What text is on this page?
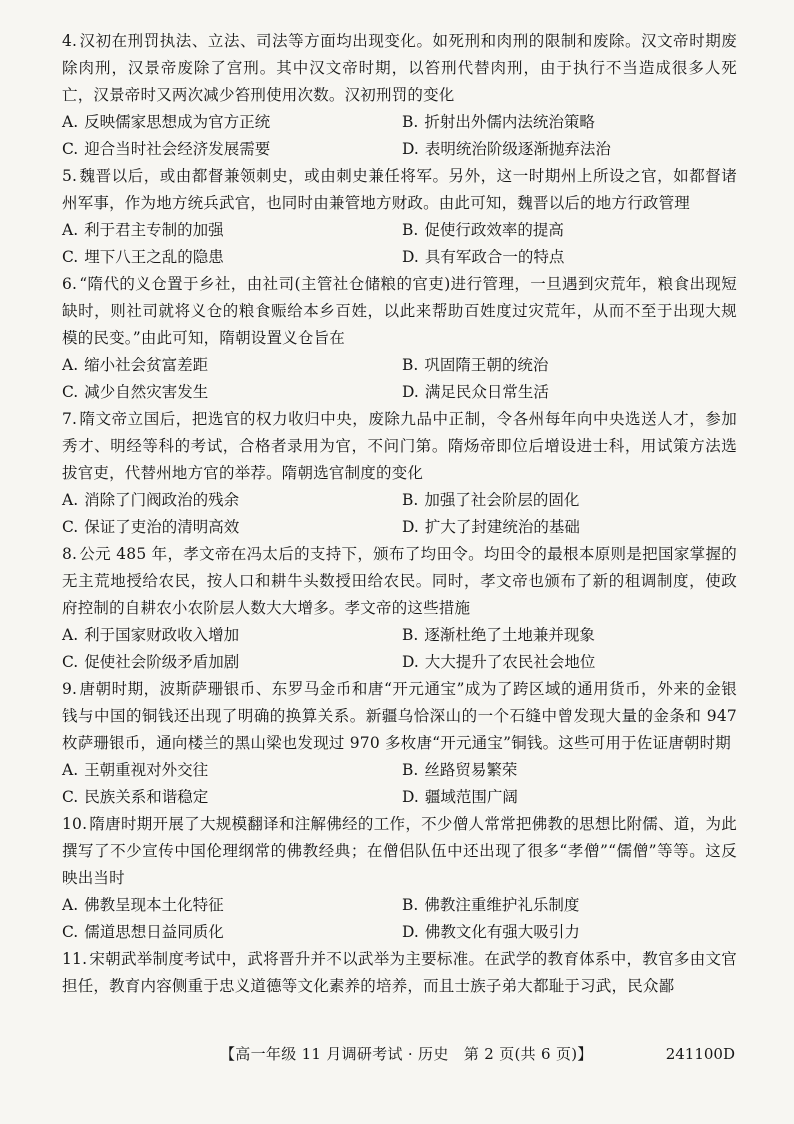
4. 汉初在刑罚执法、立法、司法等方面均出现变化。如死刑和肉刑的限制和废除。汉文帝时期废除肉刑，汉景帝废除了宫刑。其中汉文帝时期，以笞刑代替肉刑，由于执行不当造成很多人死亡，汉景帝时又两次减少笞刑使用次数。汉初刑罚的变化

A. 反映儒家思想成为官方正统	B. 折射出外儒内法统治策略
C. 迎合当时社会经济发展需要	D. 表明统治阶级逐渐抛弃法治

5. 魏晋以后，或由都督兼领刺史，或由刺史兼任将军。另外，这一时期州上所设之官，如都督诸州军事，作为地方统兵武官，也同时由兼管地方财政。由此可知，魏晋以后的地方行政管理

A. 利于君主专制的加强	B. 促使行政效率的提高
C. 埋下八王之乱的隐患	D. 具有军政合一的特点

6. “隋代的义仓置于乡社，由社司(主管社仓储粮的官吏)进行管理，一旦遇到灾荒年，粮食出现短缺时，则社司就将义仓的粮食赈给本乡百姓，以此来帮助百姓度过灾荒年，从而不至于出现大规模的民变。”由此可知，隋朝设置义仓旨在

A. 缩小社会贫富差距	B. 巩固隋王朝的统治
C. 减少自然灾害发生	D. 满足民众日常生活

7. 隋文帝立国后，把选官的权力收归中央，废除九品中正制，令各州每年向中央选送人才，参加秀才、明经等科的考试，合格者录用为官，不问门第。隋炀帝即位后增设进士科，用试策方法选拔官吏，代替州地方官的举荐。隋朝选官制度的变化

A. 消除了门阀政治的残余	B. 加强了社会阶层的固化
C. 保证了吏治的清明高效	D. 扩大了封建统治的基础

8. 公元 485 年，孝文帝在冯太后的支持下，颁布了均田令。均田令的最根本原则是把国家掌握的无主荒地授给农民，按人口和耕牛头数授田给农民。同时，孝文帝也颁布了新的租调制度，使政府控制的自耕农小农阶层人数大大增多。孝文帝的这些措施

A. 利于国家财政收入增加	B. 逐渐杜绝了土地兼并现象
C. 促使社会阶级矛盾加剧	D. 大大提升了农民社会地位

9. 唐朝时期，波斯萨珊银币、东罗马金币和唐“开元通宝”成为了跨区域的通用货币，外来的金银钱与中国的铜钱还出现了明确的换算关系。新疆乌恰深山的一个石缝中曾发现大量的金条和 947 枚萨珊银币，通向楼兰的黑山梁也发现过 970 多枚唐“开元通宝”铜钱。这些可用于佐证唐朝时期

A. 王朝重视对外交往	B. 丝路贸易繁荣
C. 民族关系和谐稳定	D. 疆域范围广阔

10. 隋唐时期开展了大规模翻译和注解佛经的工作，不少僧人常常把佛教的思想比附儒、道，为此撰写了不少宣传中国伦理纲常的佛教经典；在僧侣队伍中还出现了很多“孝僧”“儒僧”等等。这反映出当时

A. 佛教呈现本土化特征	B. 佛教注重维护礼乐制度
C. 儒道思想日益同质化	D. 佛教文化有强大吸引力

11. 宋朝武举制度考试中，武将晋升并不以武举为主要标准。在武学的教育体系中，教官多由文官担任，教育内容侧重于忠义道德等文化素养的培养，而且士族子弟大都耻于习武，民众鄙

【高一年级 11 月调研考试 · 历史　第 2 页(共 6 页)】	241100D
